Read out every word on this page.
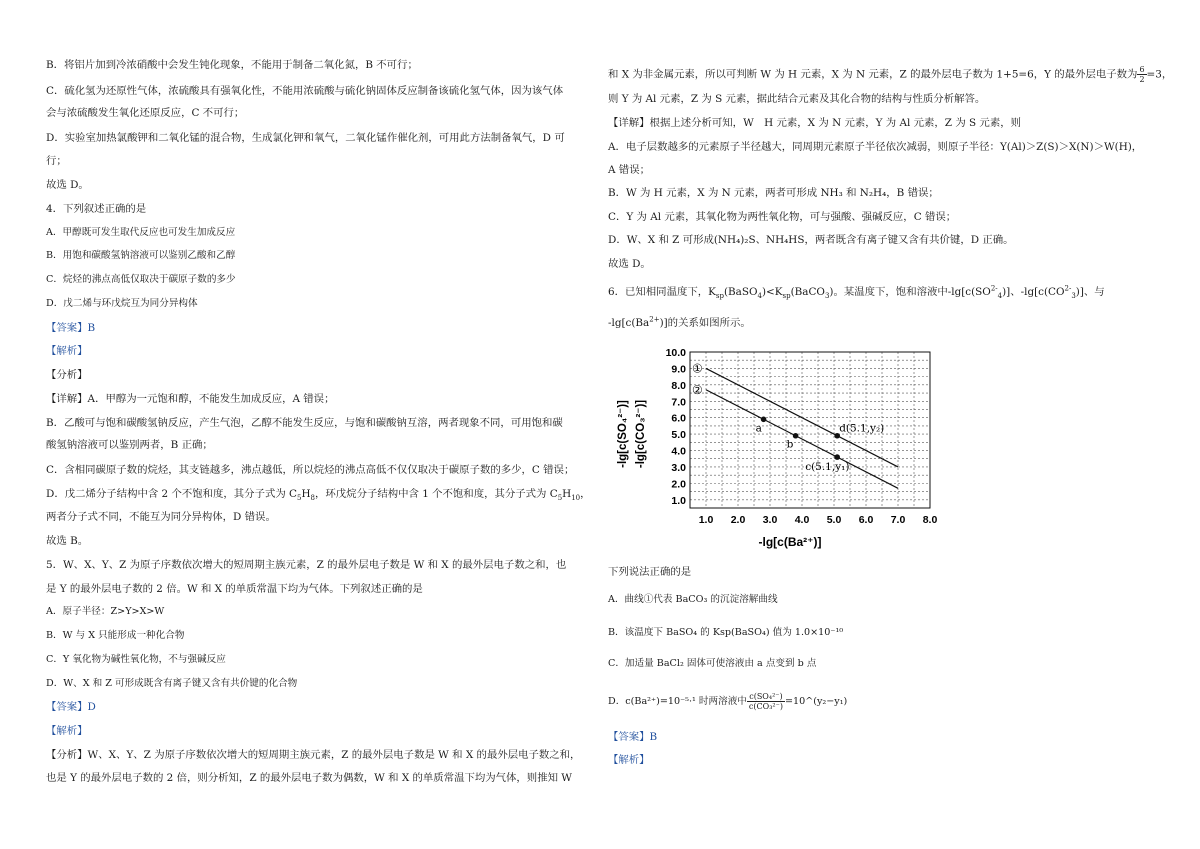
B．将铝片加到冷浓硝酸中会发生钝化现象，不能用于制备二氧化氮，B 不可行；
C．硫化氢为还原性气体，浓硫酸具有强氧化性，不能用浓硫酸与硫化钠固体反应制备该硫化氢气体，因为该气体
会与浓硫酸发生氧化还原反应，C 不可行；
D．实验室加热氯酸钾和二氧化锰的混合物，生成氯化钾和氧气，二氧化锰作催化剂，可用此方法制备氧气，D 可
行；
故选 D。
4．下列叙述正确的是
A．甲醇既可发生取代反应也可发生加成反应
B．用饱和碳酸氢钠溶液可以鉴别乙酸和乙醇
C．烷烃的沸点高低仅取决于碳原子数的多少
D．戊二烯与环戊烷互为同分异构体
【答案】B
【解析】
【分析】
【详解】A．甲醇为一元饱和醇，不能发生加成反应，A 错误；
B．乙酸可与饱和碳酸氢钠反应，产生气泡，乙醇不能发生反应，与饱和碳酸钠互溶，两者现象不同，可用饱和碳
酸氢钠溶液可以鉴别两者，B 正确；
C．含相同碳原子数的烷烃，其支链越多，沸点越低，所以烷烃的沸点高低不仅仅取决于碳原子数的多少，C 错误；
D．戊二烯分子结构中含 2 个不饱和度，其分子式为 $C_5H_8$，环戊烷分子结构中含 1 个不饱和度，其分子式为 $C_5H_{10}$，
两者分子式不同，不能互为同分异构体，D 错误。
故选 B。
5．W、X、Y、Z 为原子序数依次增大的短周期主族元素，Z 的最外层电子数是 W 和 X 的最外层电子数之和，也
是 Y 的最外层电子数的 2 倍。W 和 X 的单质常温下均为气体。下列叙述正确的是
A．原子半径：Z>Y>X>W
B．W 与 X 只能形成一种化合物
C．Y 氧化物为碱性氧化物，不与强碱反应
D．W、X 和 Z 可形成既含有离子键又含有共价键的化合物
【答案】D
【解析】
【分析】W、X、Y、Z 为原子序数依次增大的短周期主族元素，Z 的最外层电子数是 W 和 X 的最外层电子数之和，
也是 Y 的最外层电子数的 2 倍，则分析知，Z 的最外层电子数为偶数，W 和 X 的单质常温下均为气体，则推知 W
和 X 为非金属元素，所以可判断 W 为 H 元素，X 为 N 元素，Z 的最外层电子数为 1+5=6，Y 的最外层电子数为 $\frac{6}{2} =3$，
则 Y 为 Al 元素，Z 为 S 元素，据此结合元素及其化合物的结构与性质分析解答。
【详解】根据上述分析可知，W　H 元素，X 为 N 元素，Y 为 Al 元素，Z 为 S 元素，则
A．电子层数越多的元素原子半径越大，同周期元素原子半径依次减弱，则原子半径：Y(Al)＞Z(S)＞X(N)＞W(H)，
A 错误；
B．W 为 H 元素，X 为 N 元素，两者可形成 NH₃ 和 N₂H₄，B 错误；
C．Y 为 Al 元素，其氧化物为两性氧化物，可与强酸、强碱反应，C 错误；
D．W、X 和 Z 可形成(NH₄)₂S、NH₄HS，两者既含有离子键又含有共价键，D 正确。
故选 D。
6．已知相同温度下，$K_{sp}(BaSO_4)<K_{sp}(BaCO_3)$。某温度下，饱和溶液中$-\lg[c(SO^{2-}_4)]$、$-\lg[c(CO^{2-}_3)]$、与
$-\lg[c(Ba^{2+})]$的关系如图所示。
下列说法正确的是
A．曲线①代表 BaCO₃ 的沉淀溶解曲线
B．该温度下 BaSO₄ 的 Ksp(BaSO₄) 值为 1.0×10⁻¹⁰
C．加适量 BaCl₂ 固体可使溶液由 a 点变到 b 点
D．c(Ba²⁺)=10⁻⁵·¹ 时两溶液中 $\frac{\text{c(SO₄²⁻)}}{\text{c(CO₃²⁻)}}$ =10^(y₂−y₁)
【答案】B
【解析】
①
②
a
b
d(5.1,y₂)
c(5.1,y₁)
1.0 2.0 3.0 4.0 5.0 6.0 7.0 8.0
10.0
9.0
8.0
7.0
6.0
5.0
4.0
3.0
2.0
1.0
-lg[c(Ba²⁺)]
-lg[c(SO₄²⁻)] -lg[c(CO₃²⁻)]
